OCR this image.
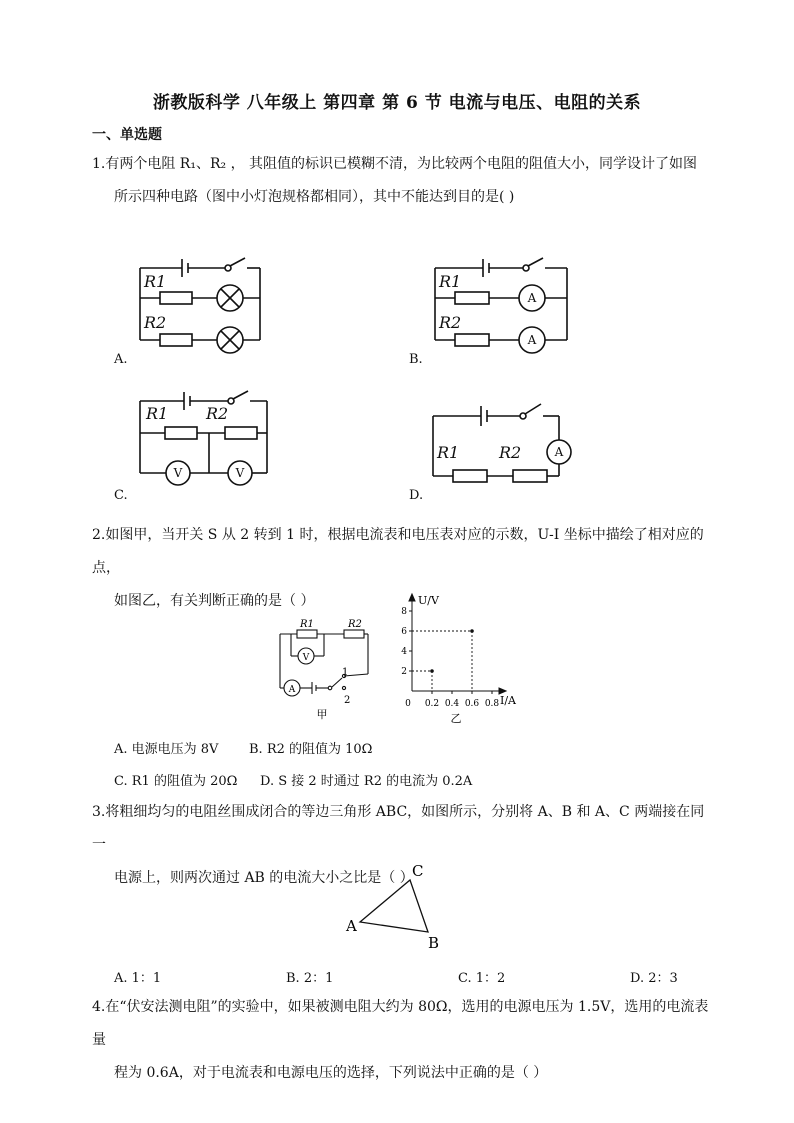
浙教版科学 八年级上 第四章 第 6 节 电流与电压、电阻的关系
一、单选题
1.有两个电阻 R₁、R₂ ， 其阻值的标识已模糊不清，为比较两个电阻的阻值大小，同学设计了如图
所示四种电路（图中小灯泡规格都相同），其中不能达到目的是( )
R1
R2
A.
A
A
R1
R2
B.
V	V
R1 R2
C.
A
R1 R2
D.
2.如图甲，当开关 S 从 2 转到 1 时，根据电流表和电压表对应的示数，U-I 坐标中描绘了相对应的点，
如图乙，有关判断正确的是（ ）
R1	R2
V
A
1
2
甲
2
4
6
8
0.2 0.4 0.6 0.8
U/V
I/A
0
乙
A. 电源电压为 8V B. R2 的阻值为 10Ω
C. R1 的阻值为 20Ω D. S 接 2 时通过 R2 的电流为 0.2A
3.将粗细均匀的电阻丝围成闭合的等边三角形 ABC，如图所示，分别将 A、B 和 A、C 两端接在同一
电源上，则两次通过 AB 的电流大小之比是（ ）
A
B
C
A. 1：1	B. 2：1	C. 1：2	D. 2：3
4.在“伏安法测电阻”的实验中，如果被测电阻大约为 80Ω，选用的电源电压为 1.5V，选用的电流表量
程为 0.6A，对于电流表和电源电压的选择，下列说法中正确的是（ ）
